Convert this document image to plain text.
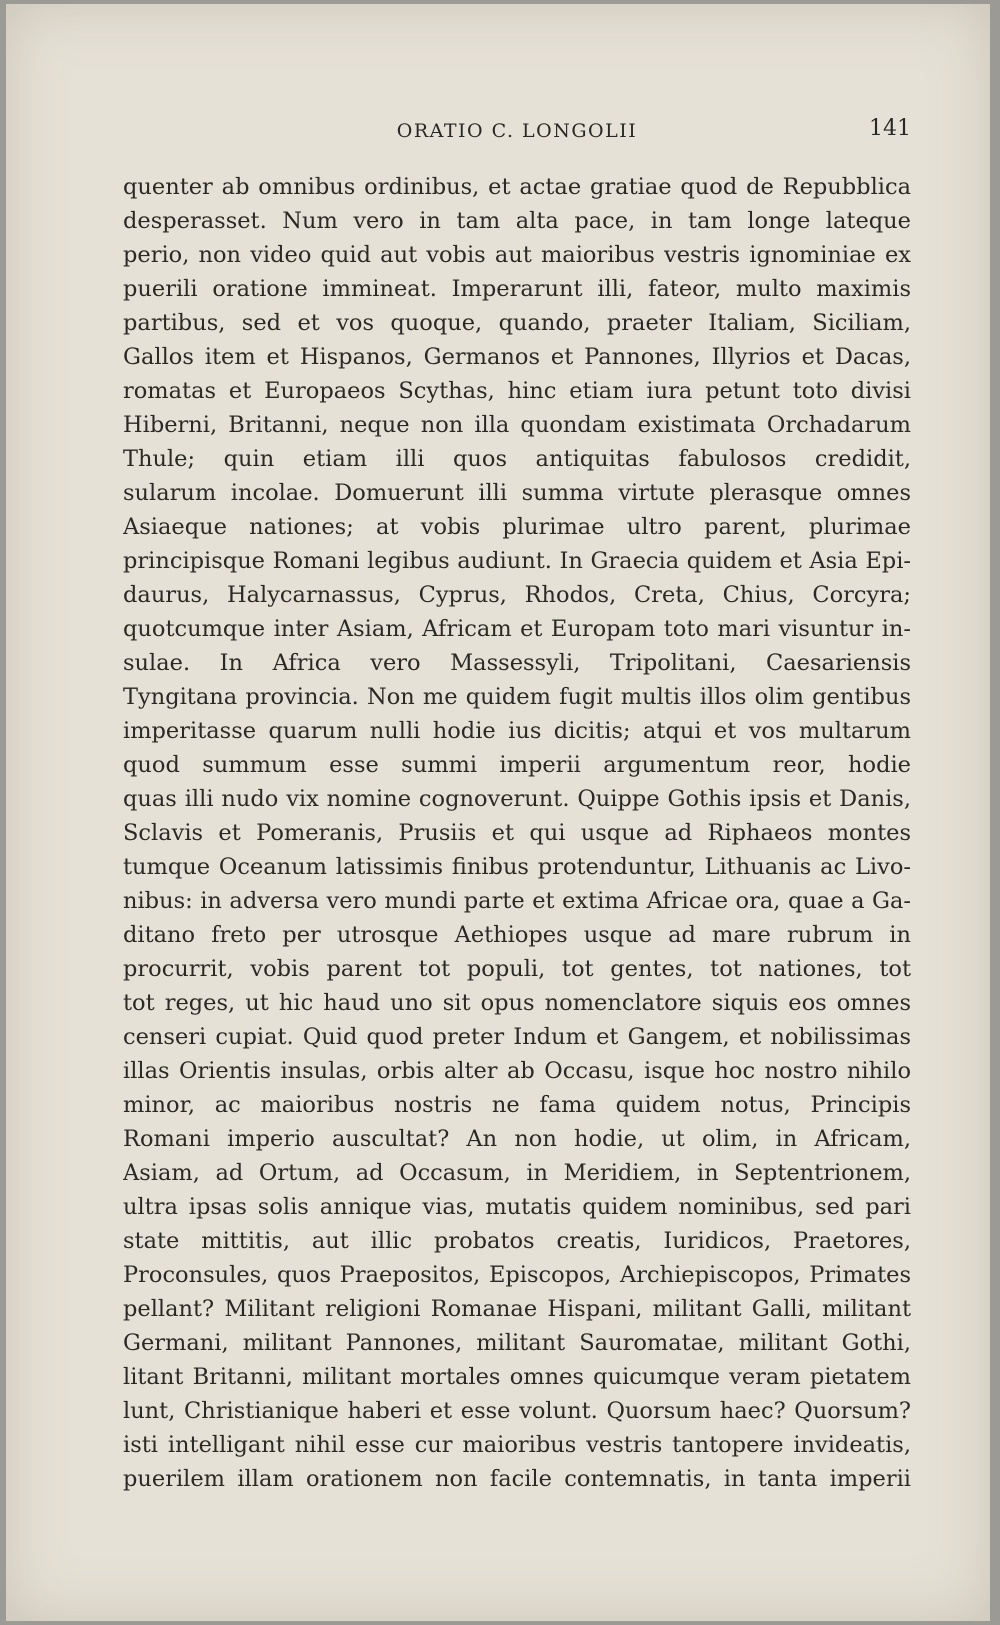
ORATIO C. LONGOLII	141
quenter ab omnibus ordinibus, et actae gratiae quod de Repubblica
desperasset. Num vero in tam alta pace, in tam longe lateque
perio, non video quid aut vobis aut maioribus vestris ignominiae ex
puerili oratione immineat. Imperarunt illi, fateor, multo maximis
partibus, sed et vos quoque, quando, praeter Italiam, Siciliam,
Gallos item et Hispanos, Germanos et Pannones, Illyrios et Dacas,
romatas et Europaeos Scythas, hinc etiam iura petunt toto divisi
Hiberni, Britanni, neque non illa quondam existimata Orchadarum
Thule; quin etiam illi quos antiquitas fabulosos credidit,
sularum incolae. Domuerunt illi summa virtute plerasque omnes
Asiaeque nationes; at vobis plurimae ultro parent, plurimae
principisque Romani legibus audiunt. In Graecia quidem et Asia Epi-
daurus, Halycarnassus, Cyprus, Rhodos, Creta, Chius, Corcyra;
quotcumque inter Asiam, Africam et Europam toto mari visuntur in-
sulae. In Africa vero Massessyli, Tripolitani, Caesariensis
Tyngitana provincia. Non me quidem fugit multis illos olim gentibus
imperitasse quarum nulli hodie ius dicitis; atqui et vos multarum
quod summum esse summi imperii argumentum reor, hodie
quas illi nudo vix nomine cognoverunt. Quippe Gothis ipsis et Danis,
Sclavis et Pomeranis, Prusiis et qui usque ad Riphaeos montes
tumque Oceanum latissimis finibus protenduntur, Lithuanis ac Livo-
nibus: in adversa vero mundi parte et extima Africae ora, quae a Ga-
ditano freto per utrosque Aethiopes usque ad mare rubrum in
procurrit, vobis parent tot populi, tot gentes, tot nationes, tot
tot reges, ut hic haud uno sit opus nomenclatore siquis eos omnes
censeri cupiat. Quid quod preter Indum et Gangem, et nobilissimas
illas Orientis insulas, orbis alter ab Occasu, isque hoc nostro nihilo
minor, ac maioribus nostris ne fama quidem notus, Principis
Romani imperio auscultat? An non hodie, ut olim, in Africam,
Asiam, ad Ortum, ad Occasum, in Meridiem, in Septentrionem,
ultra ipsas solis annique vias, mutatis quidem nominibus, sed pari
state mittitis, aut illic probatos creatis, Iuridicos, Praetores,
Proconsules, quos Praepositos, Episcopos, Archiepiscopos, Primates
pellant? Militant religioni Romanae Hispani, militant Galli, militant
Germani, militant Pannones, militant Sauromatae, militant Gothi,
litant Britanni, militant mortales omnes quicumque veram pietatem
lunt, Christianique haberi et esse volunt. Quorsum haec? Quorsum?
isti intelligant nihil esse cur maioribus vestris tantopere invideatis,
puerilem illam orationem non facile contemnatis, in tanta imperii
